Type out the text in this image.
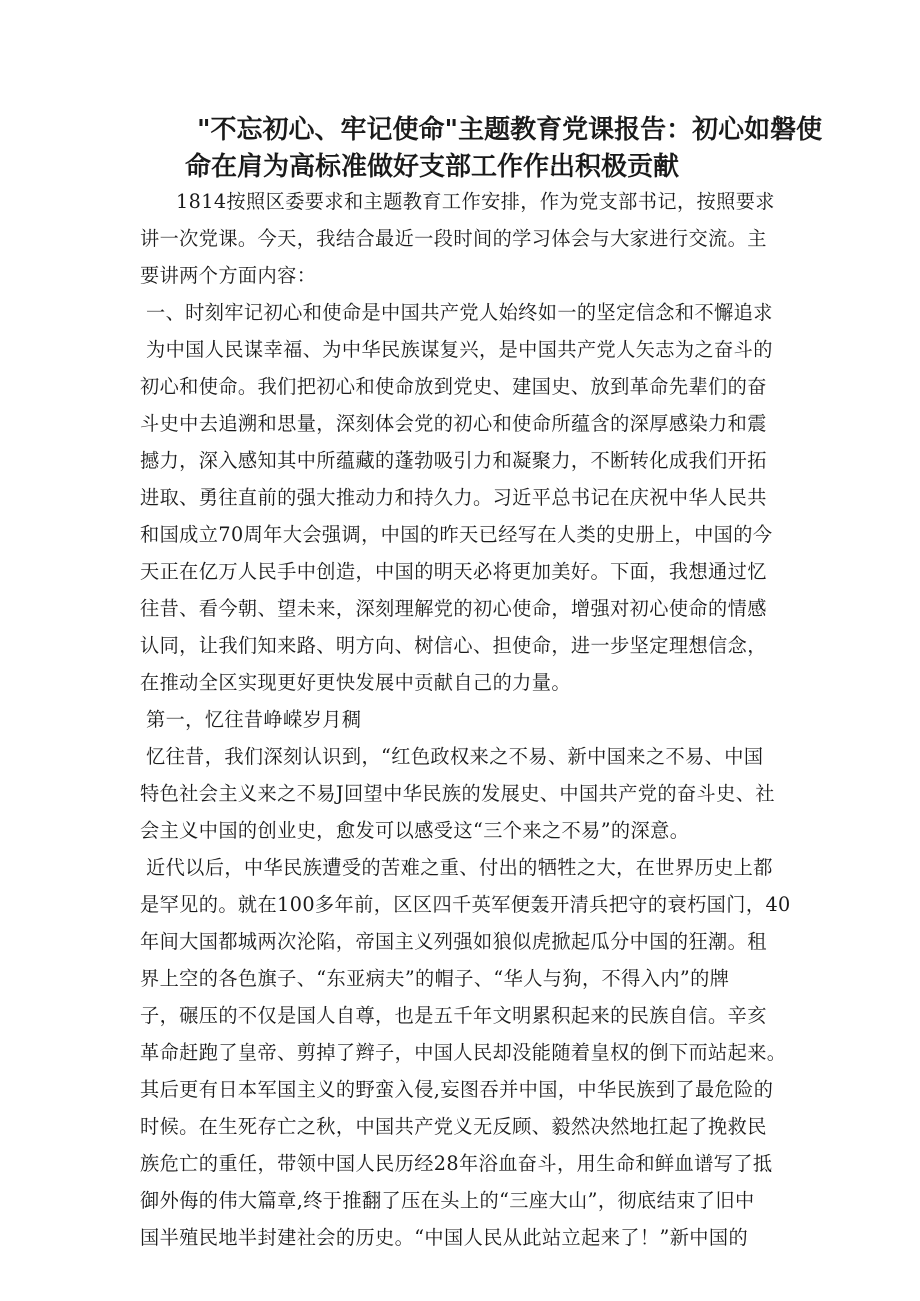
"不忘初心、牢记使命"主题教育党课报告：初心如磐使
命在肩为高标准做好支部工作作出积极贡献
1814按照区委要求和主题教育工作安排，作为党支部书记，按照要求
讲一次党课。今天，我结合最近一段时间的学习体会与大家进行交流。主
要讲两个方面内容：
一、时刻牢记初心和使命是中国共产党人始终如一的坚定信念和不懈追求
为中国人民谋幸福、为中华民族谋复兴，是中国共产党人矢志为之奋斗的
初心和使命。我们把初心和使命放到党史、建国史、放到革命先辈们的奋
斗史中去追溯和思量，深刻体会党的初心和使命所蕴含的深厚感染力和震
撼力，深入感知其中所蕴藏的蓬勃吸引力和凝聚力，不断转化成我们开拓
进取、勇往直前的强大推动力和持久力。习近平总书记在庆祝中华人民共
和国成立70周年大会强调，中国的昨天已经写在人类的史册上，中国的今
天正在亿万人民手中创造，中国的明天必将更加美好。下面，我想通过忆
往昔、看今朝、望未来，深刻理解党的初心使命，增强对初心使命的情感
认同，让我们知来路、明方向、树信心、担使命，进一步坚定理想信念，
在推动全区实现更好更快发展中贡献自己的力量。
第一，忆往昔峥嵘岁月稠
忆往昔，我们深刻认识到，“红色政权来之不易、新中国来之不易、中国
特色社会主义来之不易J回望中华民族的发展史、中国共产党的奋斗史、社
会主义中国的创业史，愈发可以感受这“三个来之不易”的深意。
近代以后，中华民族遭受的苦难之重、付出的牺牲之大，在世界历史上都
是罕见的。就在100多年前，区区四千英军便轰开清兵把守的衰朽国门，40
年间大国都城两次沦陷，帝国主义列强如狼似虎掀起瓜分中国的狂潮。租
界上空的各色旗子、“东亚病夫”的帽子、“华人与狗，不得入内”的牌
子，碾压的不仅是国人自尊，也是五千年文明累积起来的民族自信。辛亥
革命赶跑了皇帝、剪掉了辫子，中国人民却没能随着皇权的倒下而站起来。
其后更有日本军国主义的野蛮入侵,妄图吞并中国，中华民族到了最危险的
时候。在生死存亡之秋，中国共产党义无反顾、毅然决然地扛起了挽救民
族危亡的重任，带领中国人民历经28年浴血奋斗，用生命和鲜血谱写了抵
御外侮的伟大篇章,终于推翻了压在头上的“三座大山”，彻底结束了旧中
国半殖民地半封建社会的历史。“中国人民从此站立起来了！”新中国的
